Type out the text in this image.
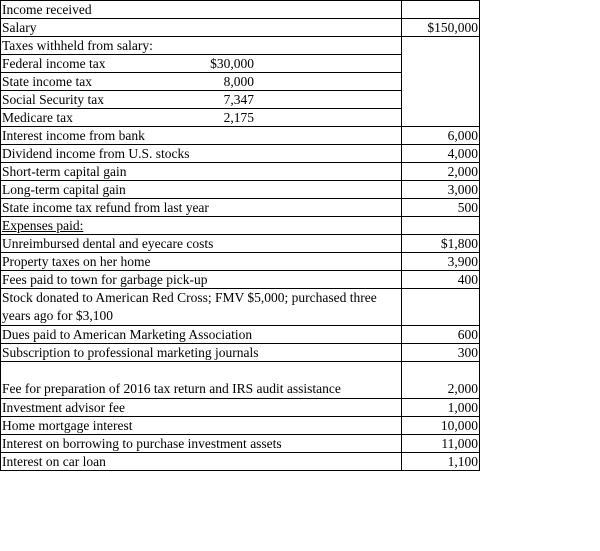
Income received	
Salary	$150,000
Taxes withheld from salary:	

Federal income tax $30,000	

State income tax 8,000	

Social Security tax 7,347	

Medicare tax 2,175	

Interest income from bank	6,000
Dividend income from U.S. stocks	4,000
Short-term capital gain	2,000
Long-term capital gain	3,000
State income tax refund from last year	500
Expenses paid:	
Unreimbursed dental and eyecare costs	$1,800
Property taxes on her home	3,900
Fees paid to town for garbage pick-up	400
Stock donated to American Red Cross; FMV $5,000; purchased three years ago for $3,100	
Dues paid to American Marketing Association	600
Subscription to professional marketing journals	300
Fee for preparation of 2016 tax return and IRS audit assistance	2,000
Investment advisor fee	1,000
Home mortgage interest	10,000
Interest on borrowing to purchase investment assets	11,000
Interest on car loan	1,100
